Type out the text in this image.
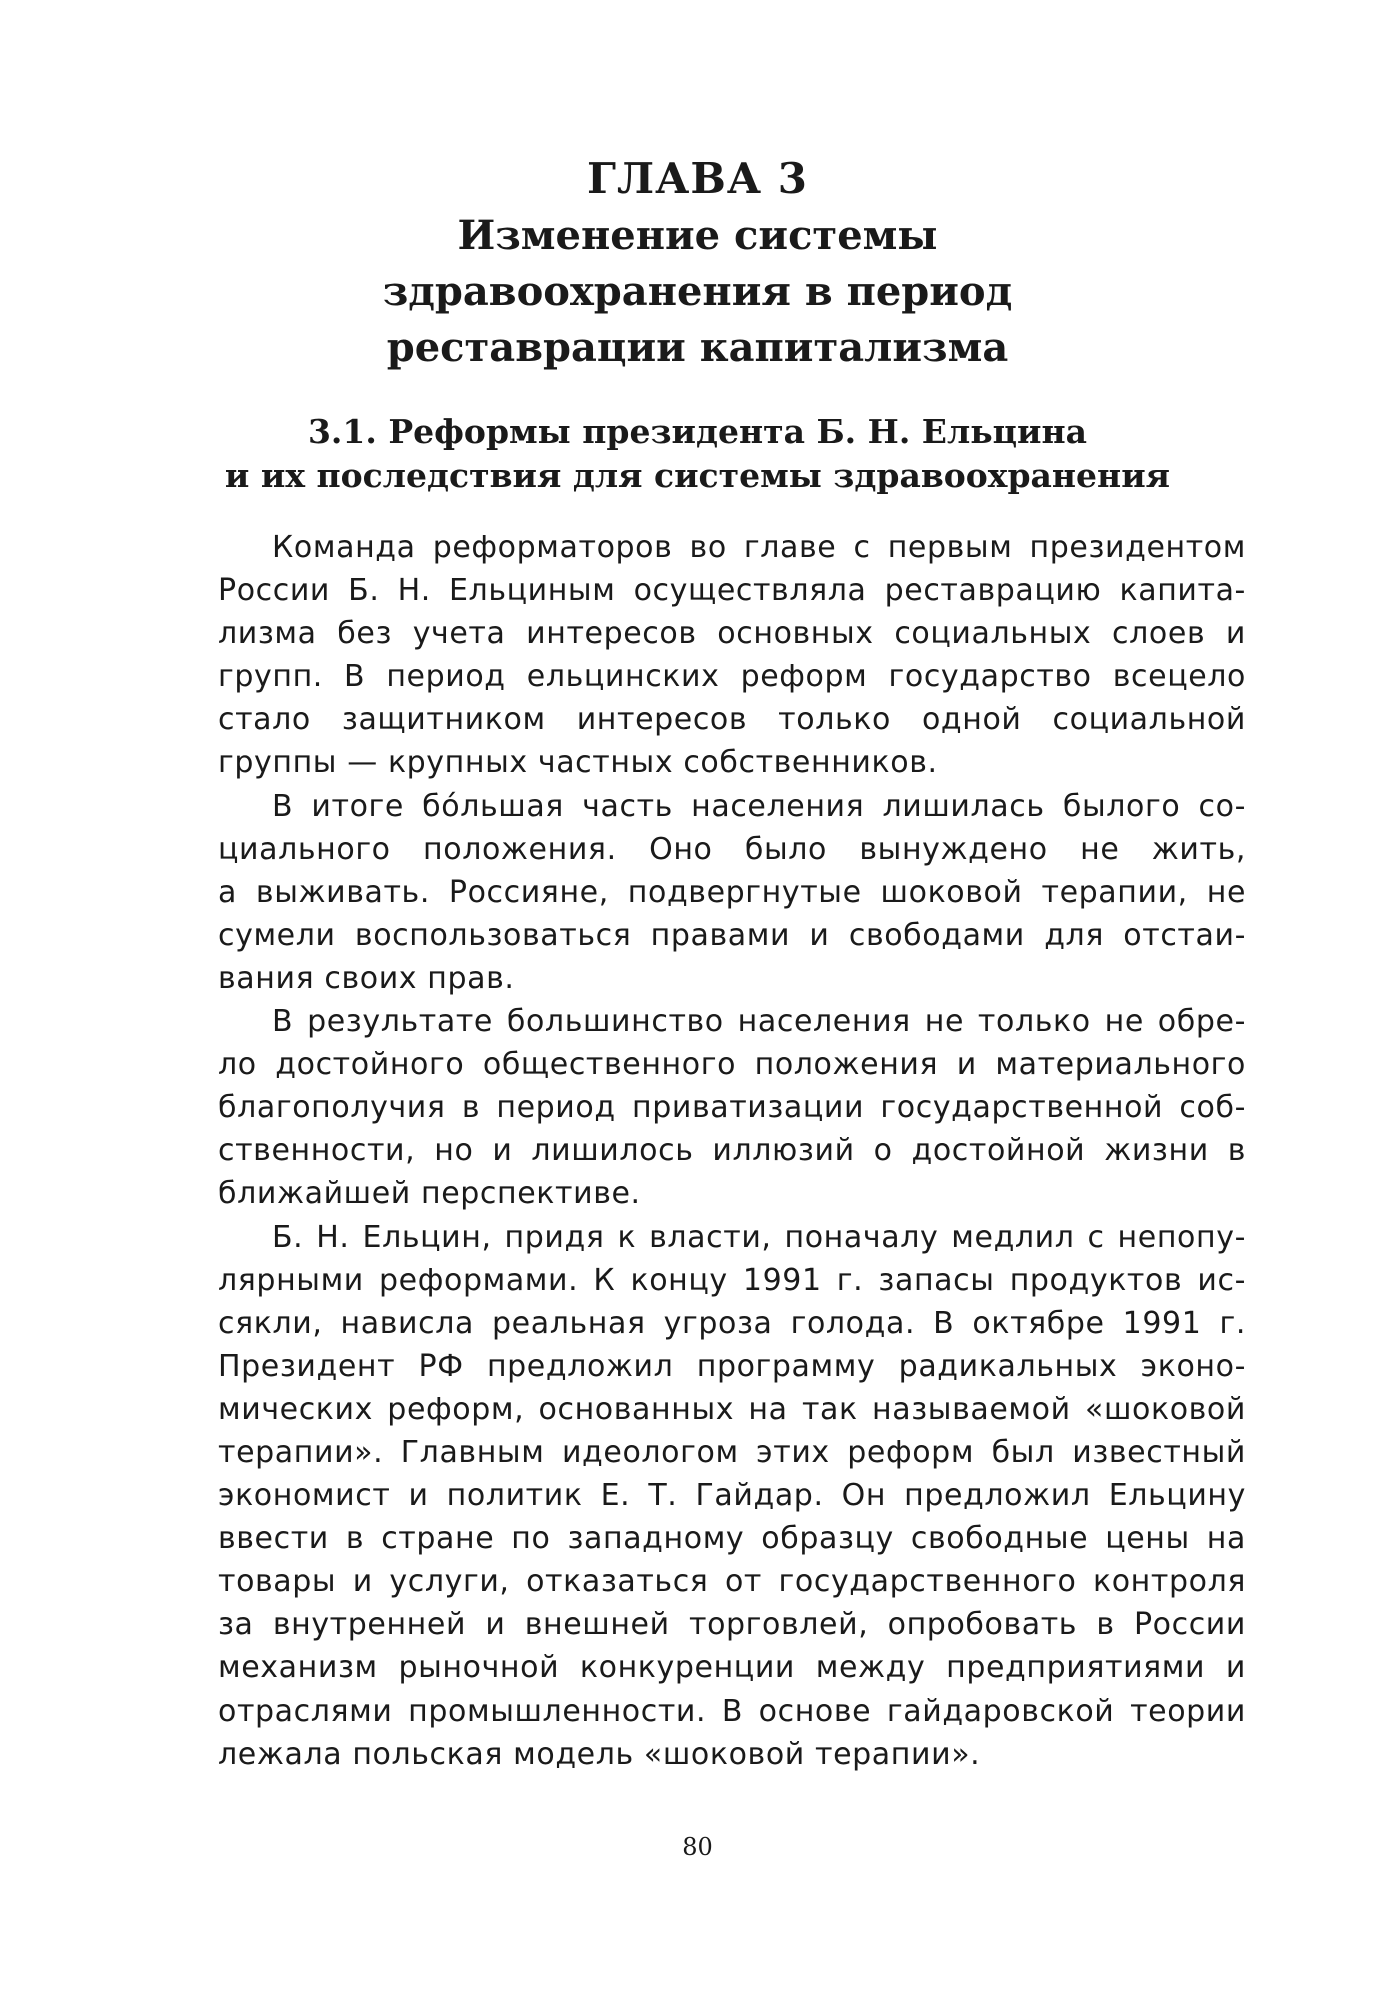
ГЛАВА 3
Изменение системы
здравоохранения в период
реставрации капитализма
3.1. Реформы президента Б. Н. Ельцина
и их последствия для системы здравоохранения
Команда реформаторов во главе с первым президентом
России Б. Н. Ельциным осуществляла реставрацию капита-
лизма без учета интересов основных социальных слоев и
групп. В период ельцинских реформ государство всецело
стало защитником интересов только одной социальной
группы — крупных частных собственников.
В итоге бóльшая часть населения лишилась былого со-
циального положения. Оно было вынуждено не жить,
а выживать. Россияне, подвергнутые шоковой терапии, не
сумели воспользоваться правами и свободами для отстаи-
вания своих прав.
В результате большинство населения не только не обре-
ло достойного общественного положения и материального
благополучия в период приватизации государственной соб-
ственности, но и лишилось иллюзий о достойной жизни в
ближайшей перспективе.
Б. Н. Ельцин, придя к власти, поначалу медлил с непопу-
лярными реформами. К концу 1991 г. запасы продуктов ис-
сякли, нависла реальная угроза голода. В октябре 1991 г.
Президент РФ предложил программу радикальных эконо-
мических реформ, основанных на так называемой «шоковой
терапии». Главным идеологом этих реформ был известный
экономист и политик Е. Т. Гайдар. Он предложил Ельцину
ввести в стране по западному образцу свободные цены на
товары и услуги, отказаться от государственного контроля
за внутренней и внешней торговлей, опробовать в России
механизм рыночной конкуренции между предприятиями и
отраслями промышленности. В основе гайдаровской теории
лежала польская модель «шоковой терапии».
80
